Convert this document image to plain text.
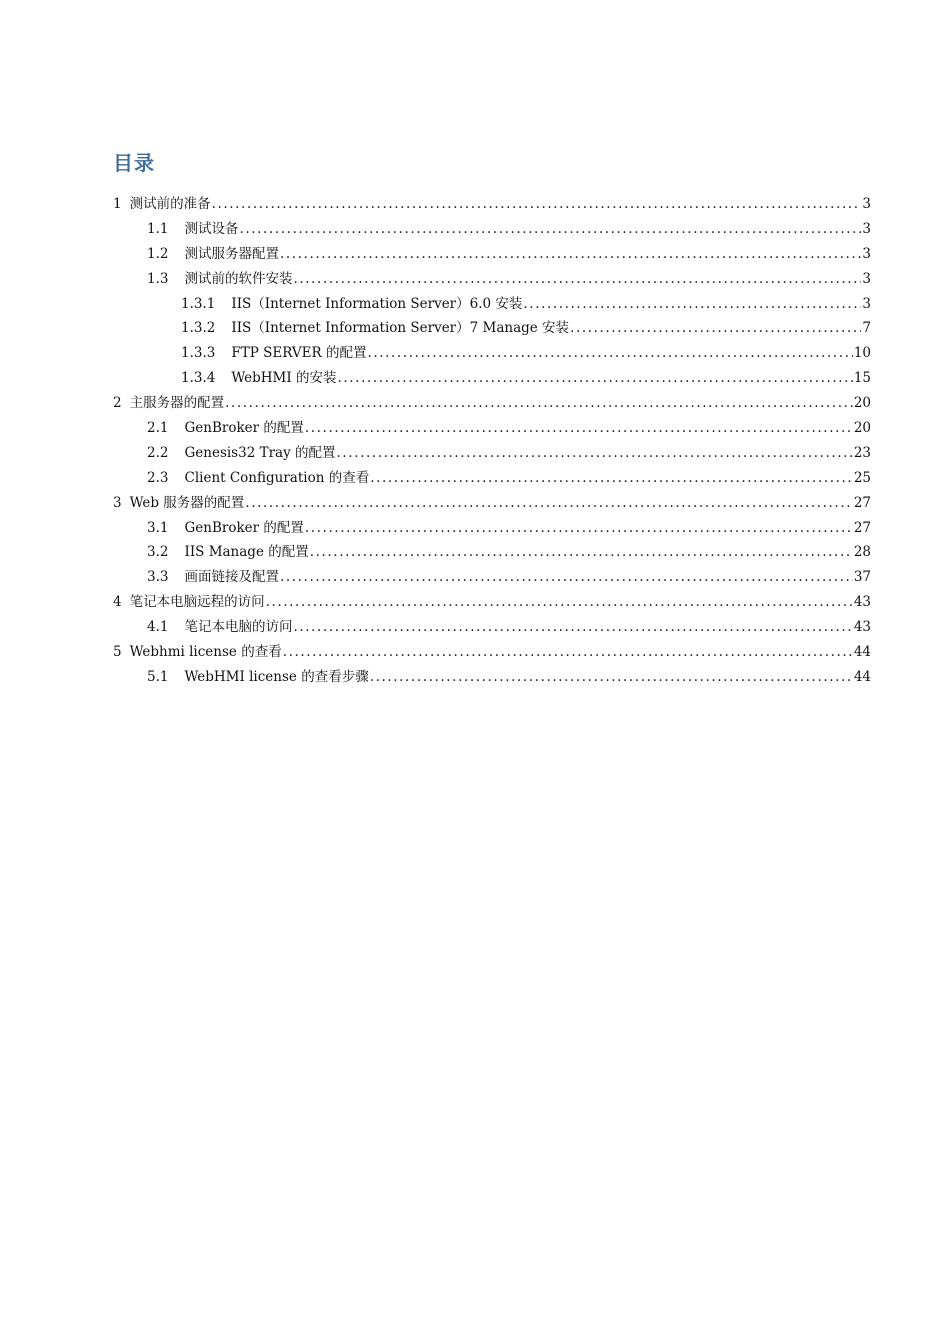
目录
1 测试前的准备 .....	3
1.1 测试设备 .....	3
1.2 测试服务器配置 .....	3
1.3 测试前的软件安装 .....	3
1.3.1 IIS（Internet Information Server）6.0 安装 .....	3
1.3.2 IIS（Internet Information Server）7 Manage 安装 .....	7
1.3.3 FTP SERVER 的配置 .....	10
1.3.4 WebHMI 的安装 .....	15
2 主服务器的配置 .....	20
2.1 GenBroker 的配置 .....	20
2.2 Genesis32 Tray 的配置 .....	23
2.3 Client Configuration 的查看 .....	25
3 Web 服务器的配置 .....	27
3.1 GenBroker 的配置 .....	27
3.2 IIS Manage 的配置 .....	28
3.3 画面链接及配置 .....	37
4 笔记本电脑远程的访问 .....	43
4.1 笔记本电脑的访问 .....	43
5 Webhmi license 的查看 .....	44
5.1 WebHMI license 的查看步骤 .....	44
